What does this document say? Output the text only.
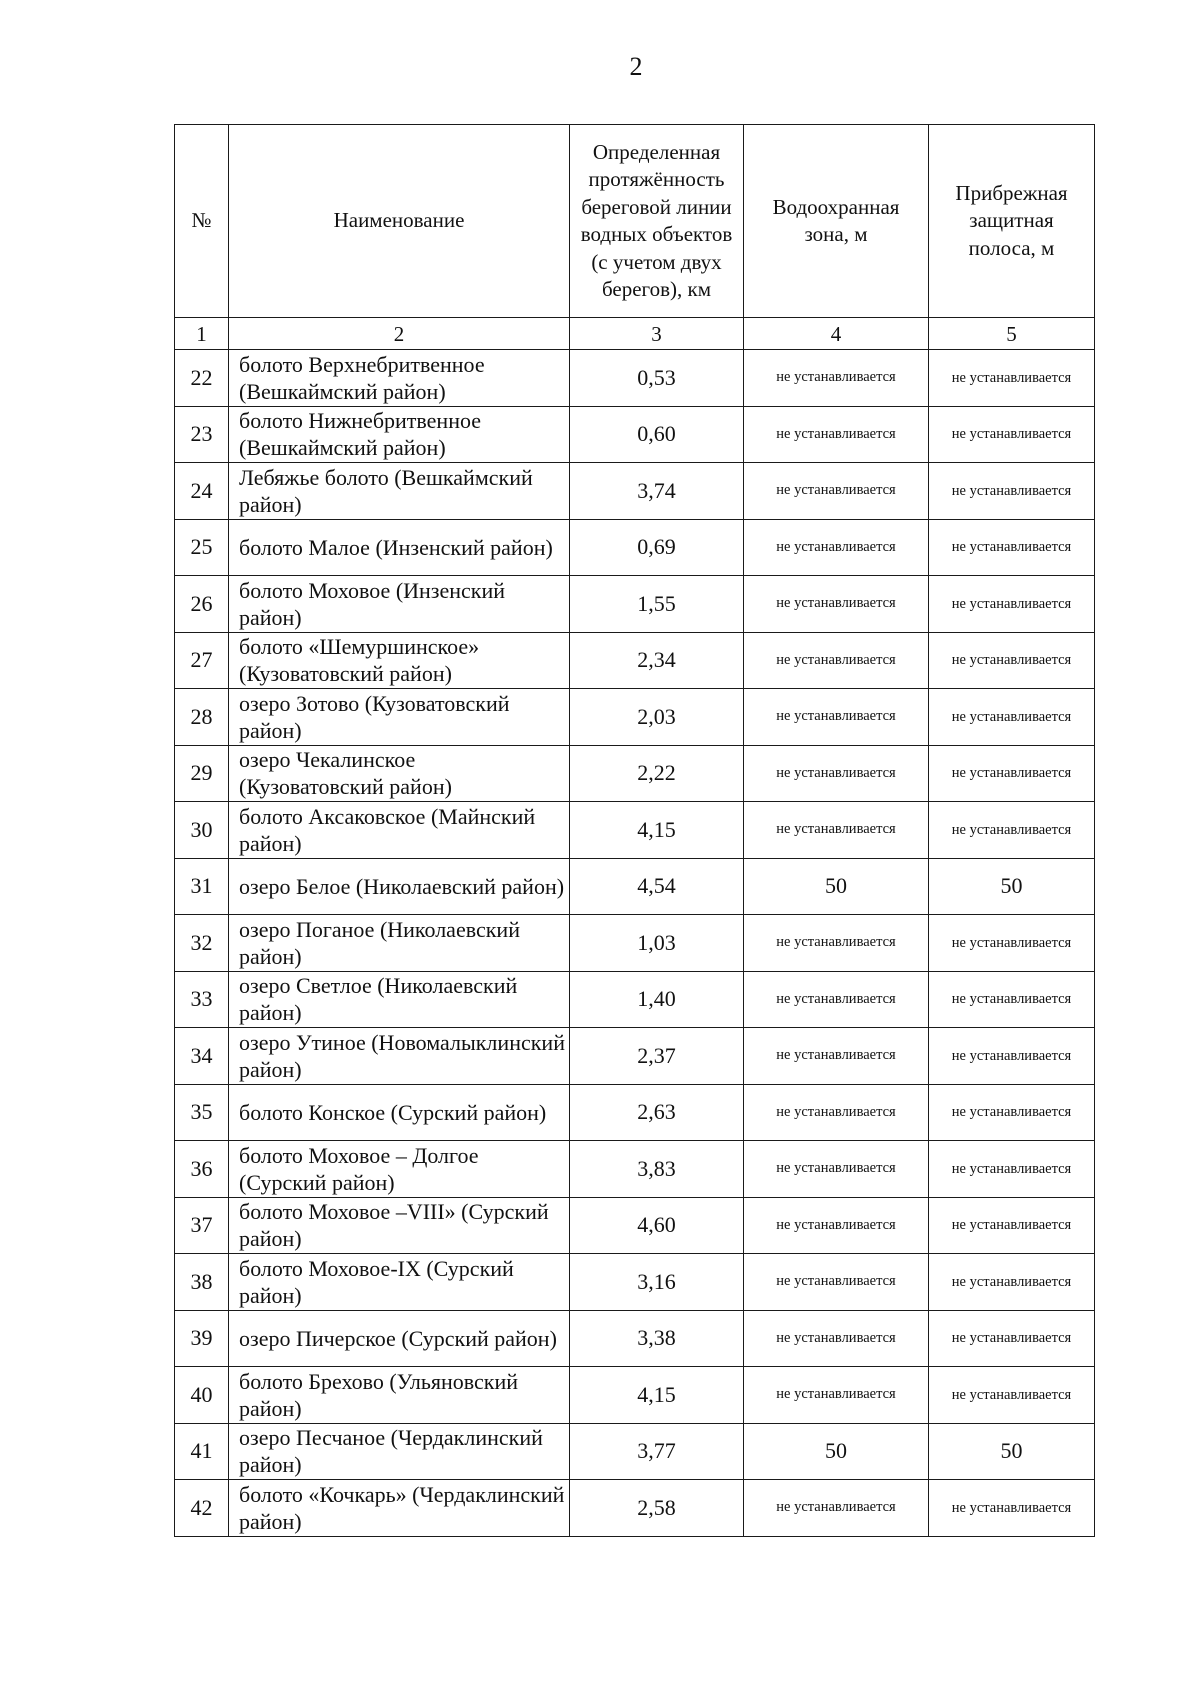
2
№	Наименование	Определенная протяжённость береговой линии водных объектов (с учетом двух берегов), км	Водоохранная зона, м	Прибрежная защитная полоса, м
1	2	3	4	5
22	болото Верхнебритвенное (Вешкаймский район)	0,53	не устанавливается	не устанавливается
23	болото Нижнебритвенное (Вешкаймский район)	0,60	не устанавливается	не устанавливается
24	Лебяжье болото (Вешкаймский район)	3,74	не устанавливается	не устанавливается
25	болото Малое (Инзенский район)	0,69	не устанавливается	не устанавливается
26	болото Моховое (Инзенский район)	1,55	не устанавливается	не устанавливается
27	болото «Шемуршинское» (Кузоватовский район)	2,34	не устанавливается	не устанавливается
28	озеро Зотово (Кузоватовский район)	2,03	не устанавливается	не устанавливается
29	озеро Чекалинское (Кузоватовский район)	2,22	не устанавливается	не устанавливается
30	болото Аксаковское (Майнский район)	4,15	не устанавливается	не устанавливается
31	озеро Белое (Николаевский район)	4,54	50	50
32	озеро Поганое (Николаевский район)	1,03	не устанавливается	не устанавливается
33	озеро Светлое (Николаевский район)	1,40	не устанавливается	не устанавливается
34	озеро Утиное (Новомалыклинский район)	2,37	не устанавливается	не устанавливается
35	болото Конское (Сурский район)	2,63	не устанавливается	не устанавливается
36	болото Моховое – Долгое (Сурский район)	3,83	не устанавливается	не устанавливается
37	болото Моховое –VIII» (Сурский район)	4,60	не устанавливается	не устанавливается
38	болото Моховое-IX (Сурский район)	3,16	не устанавливается	не устанавливается
39	озеро Пичерское (Сурский район)	3,38	не устанавливается	не устанавливается
40	болото Брехово (Ульяновский район)	4,15	не устанавливается	не устанавливается
41	озеро Песчаное (Чердаклинский район)	3,77	50	50
42	болото «Кочкарь» (Чердаклинский район)	2,58	не устанавливается	не устанавливается
